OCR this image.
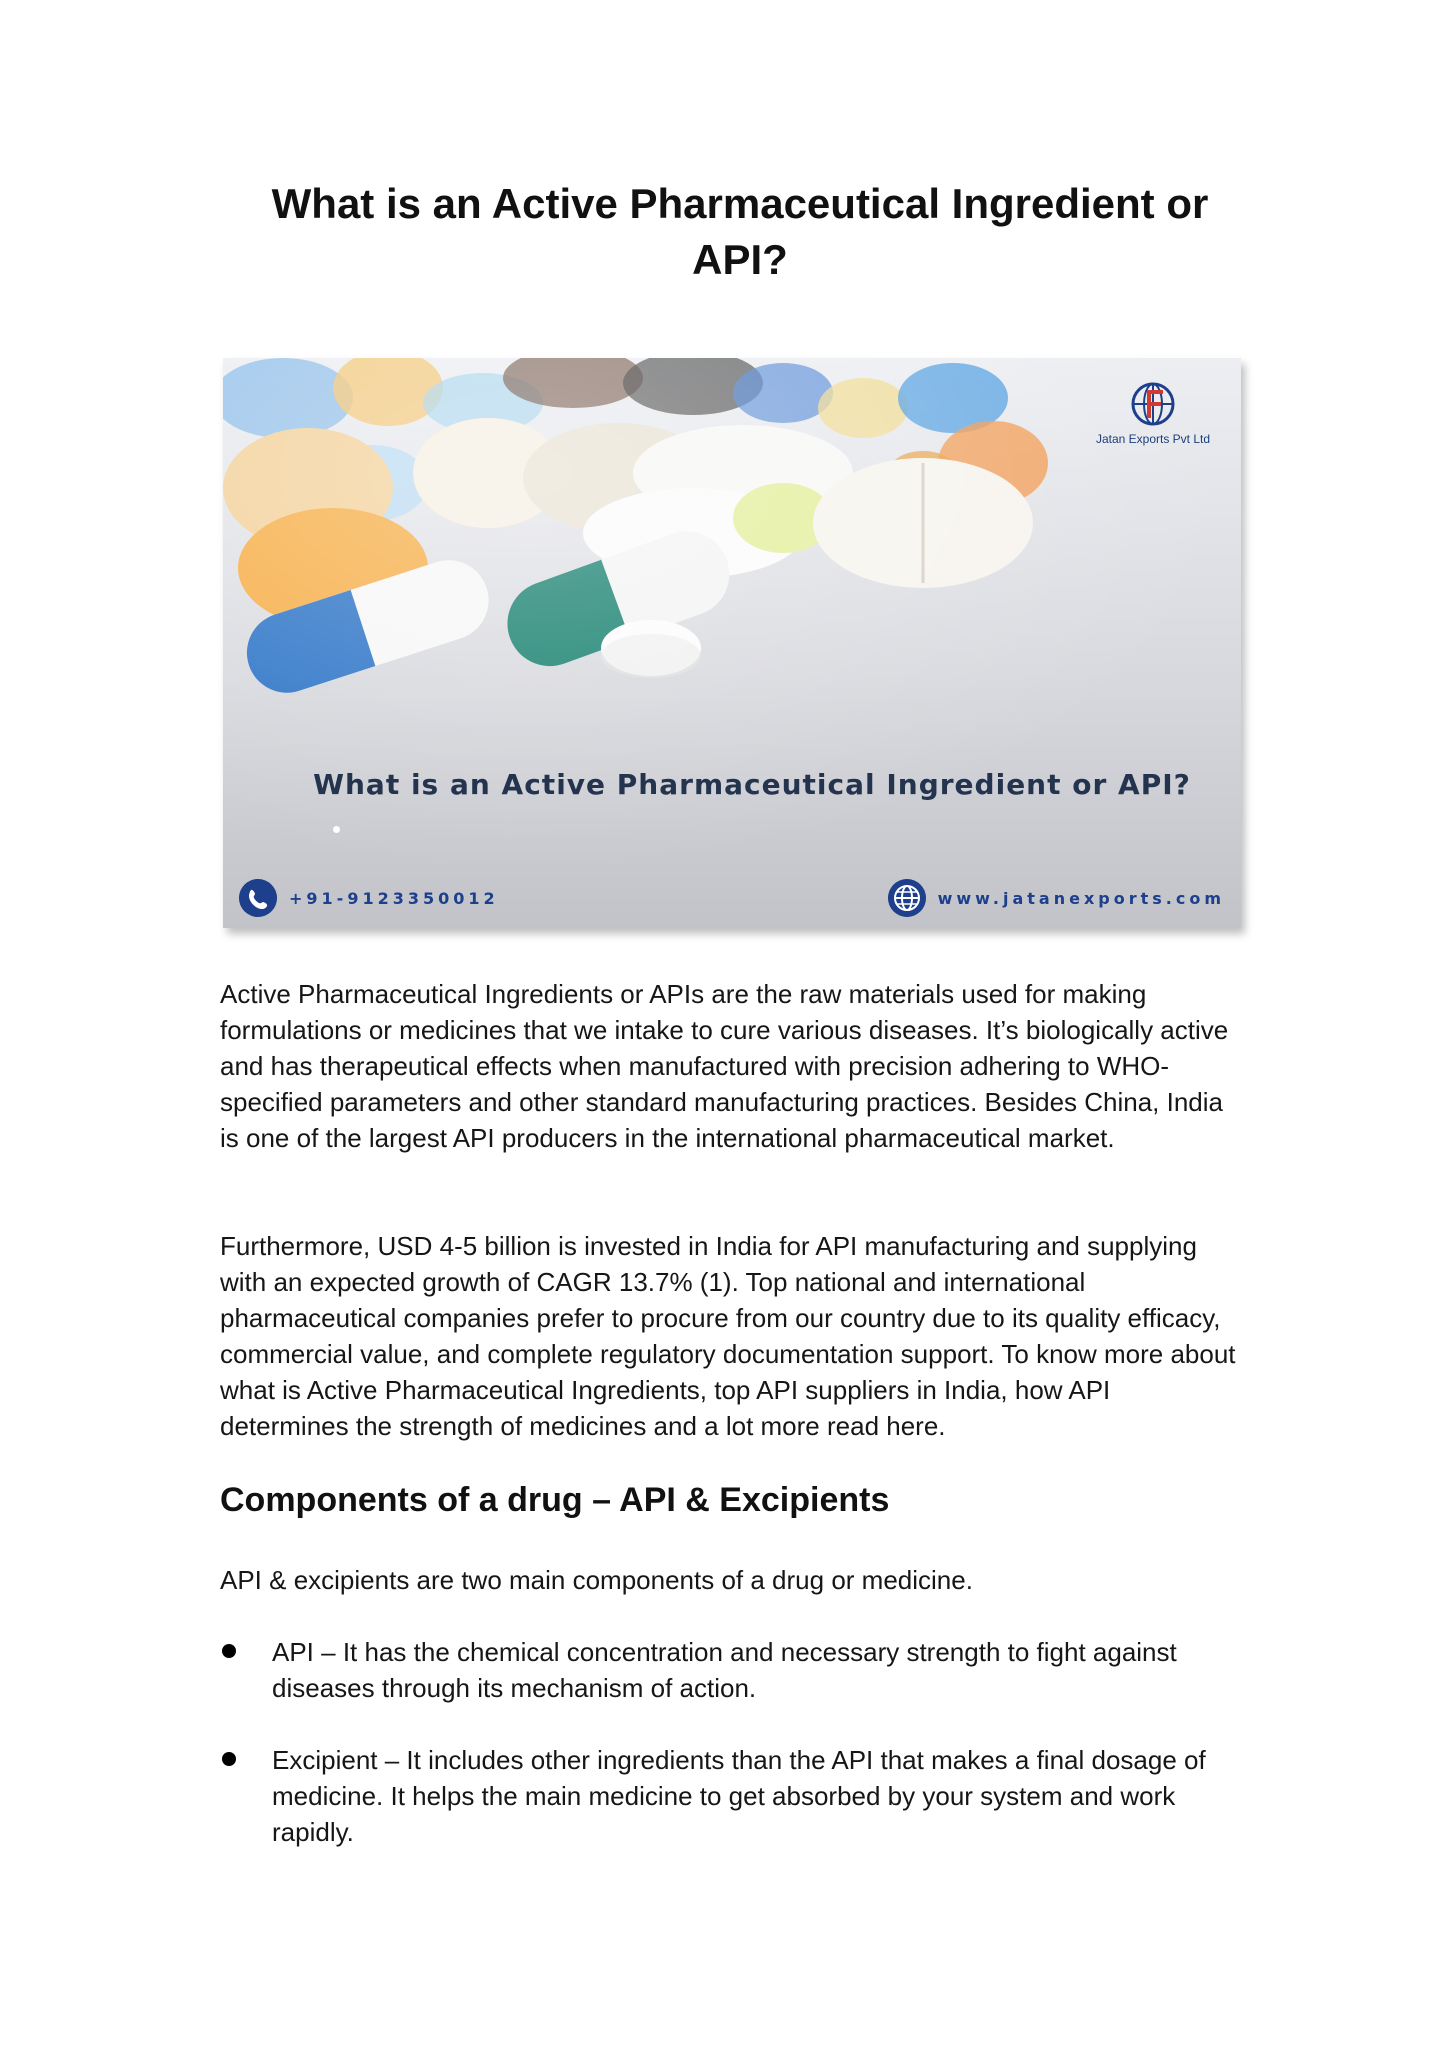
What is an Active Pharmaceutical Ingredient or API?
Jatan Exports Pvt Ltd
What is an Active Pharmaceutical Ingredient or API?
+91-9123350012	www.jatanexports.com

Active Pharmaceutical Ingredients or APIs are the raw materials used for making formulations or medicines that we intake to cure various diseases. It’s biologically active and has therapeutical effects when manufactured with precision adhering to WHO-specified parameters and other standard manufacturing practices. Besides China, India is one of the largest API producers in the international pharmaceutical market.

Furthermore, USD 4-5 billion is invested in India for API manufacturing and supplying with an expected growth of CAGR 13.7% (1). Top national and international pharmaceutical companies prefer to procure from our country due to its quality efficacy, commercial value, and complete regulatory documentation support. To know more about what is Active Pharmaceutical Ingredients, top API suppliers in India, how API determines the strength of medicines and a lot more read here.

Components of a drug – API & Excipients

API & excipients are two main components of a drug or medicine.

API – It has the chemical concentration and necessary strength to fight against diseases through its mechanism of action.
Excipient – It includes other ingredients than the API that makes a final dosage of medicine. It helps the main medicine to get absorbed by your system and work rapidly.
